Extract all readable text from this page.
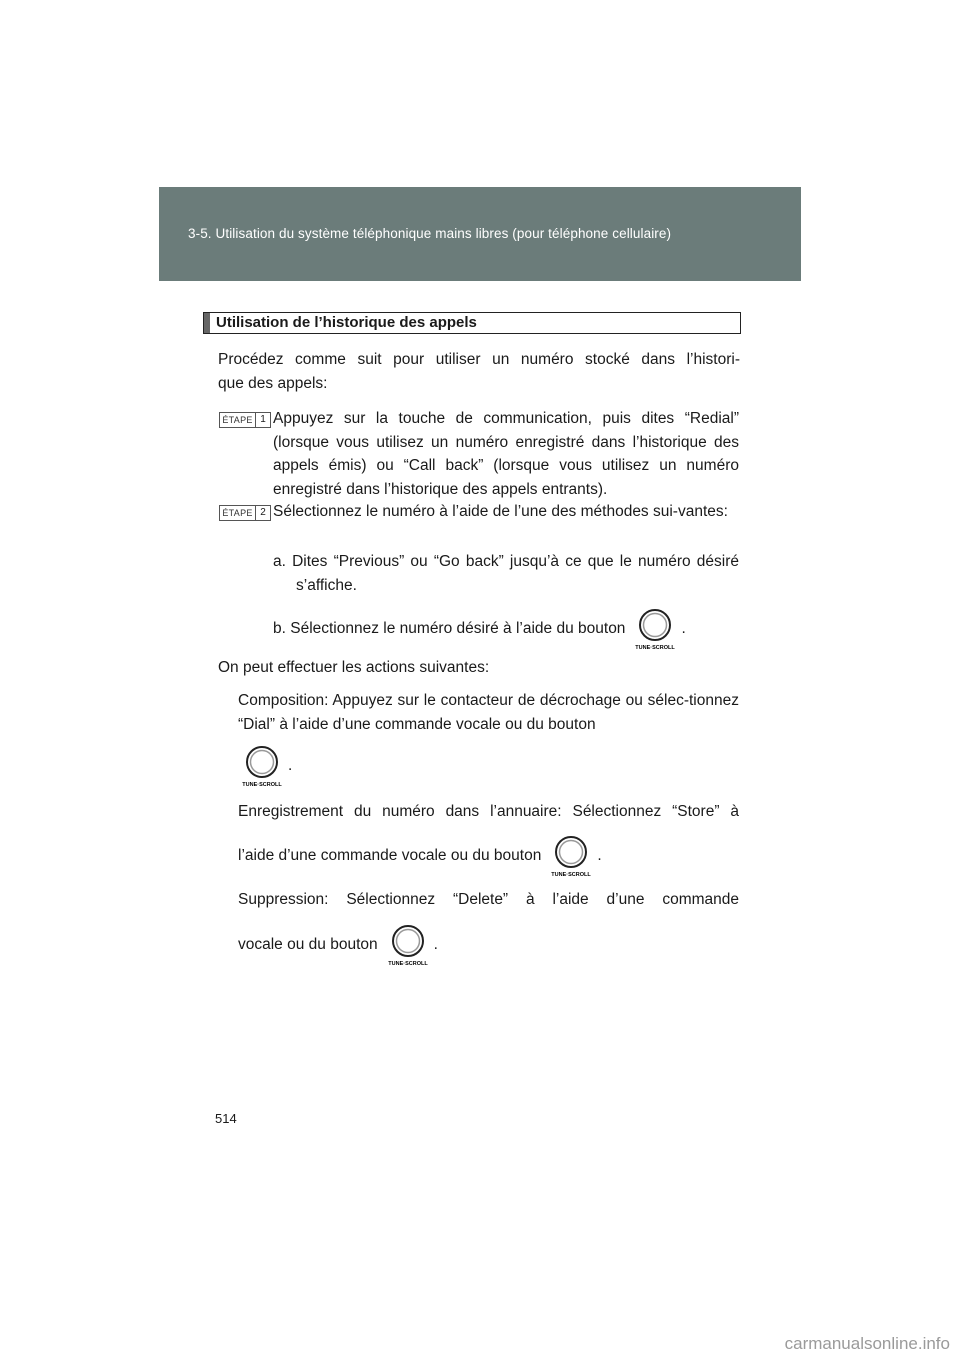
3-5. Utilisation du système téléphonique mains libres (pour téléphone cellulaire)
Utilisation de l’historique des appels
Procédez comme suit pour utiliser un numéro stocké dans l’histori-
que des appels:
ÉTAPE 1 Appuyez sur la touche de communication, puis dites “Redial” (lorsque vous utilisez un numéro enregistré dans l’historique des appels émis) ou “Call back” (lorsque vous utilisez un numéro enregistré dans l’historique des appels entrants).
ÉTAPE 2 Sélectionnez le numéro à l’aide de l’une des méthodes sui-vantes:
a. Dites “Previous” ou “Go back” jusqu’à ce que le numéro désiré s’affiche.
b. Sélectionnez le numéro désiré à l’aide du bouton
TUNE·SCROLL
.
On peut effectuer les actions suivantes:
Composition: Appuyez sur le contacteur de décrochage ou sélec-tionnez “Dial” à l’aide d’une commande vocale ou du bouton
TUNE·SCROLL
.
Enregistrement du numéro dans l’annuaire: Sélectionnez “Store” à
l’aide d’une commande vocale ou du bouton
TUNE·SCROLL
.
Suppression: Sélectionnez “Delete” à l’aide d’une commande
vocale ou du bouton
TUNE·SCROLL
.
514
carmanualsonline.info
